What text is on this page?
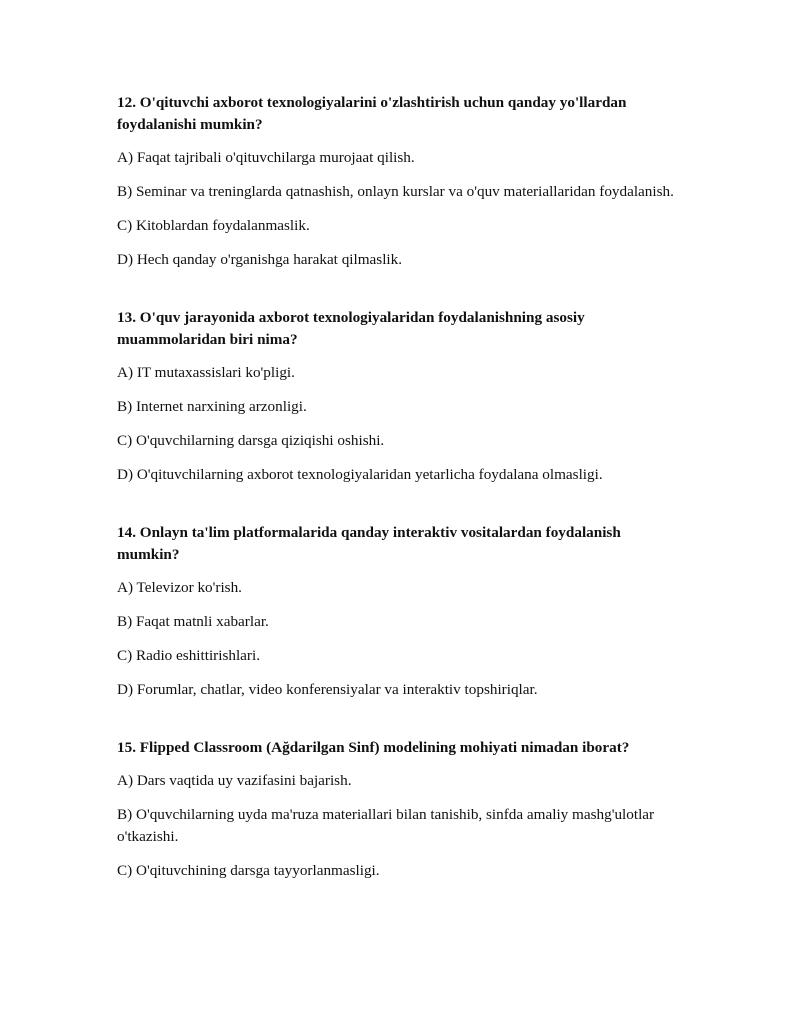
12. O'qituvchi axborot texnologiyalarini o'zlashtirish uchun qanday yo'llardan foydalanishi mumkin?

A) Faqat tajribali o'qituvchilarga murojaat qilish.

B) Seminar va treninglarda qatnashish, onlayn kurslar va o'quv materiallaridan foydalanish.

C) Kitoblardan foydalanmaslik.

D) Hech qanday o'rganishga harakat qilmaslik.

13. O'quv jarayonida axborot texnologiyalaridan foydalanishning asosiy muammolaridan biri nima?

A) IT mutaxassislari ko'pligi.

B) Internet narxining arzonligi.

C) O'quvchilarning darsga qiziqishi oshishi.

D) O'qituvchilarning axborot texnologiyalaridan yetarlicha foydalana olmasligi.

14. Onlayn ta'lim platformalarida qanday interaktiv vositalardan foydalanish mumkin?

A) Televizor ko'rish.

B) Faqat matnli xabarlar.

C) Radio eshittirishlari.

D) Forumlar, chatlar, video konferensiyalar va interaktiv topshiriqlar.

15. Flipped Classroom (Ağdarilgan Sinf) modelining mohiyati nimadan iborat?

A) Dars vaqtida uy vazifasini bajarish.

B) O'quvchilarning uyda ma'ruza materiallari bilan tanishib, sinfda amaliy mashg'ulotlar o'tkazishi.

C) O'qituvchining darsga tayyorlanmasligi.
